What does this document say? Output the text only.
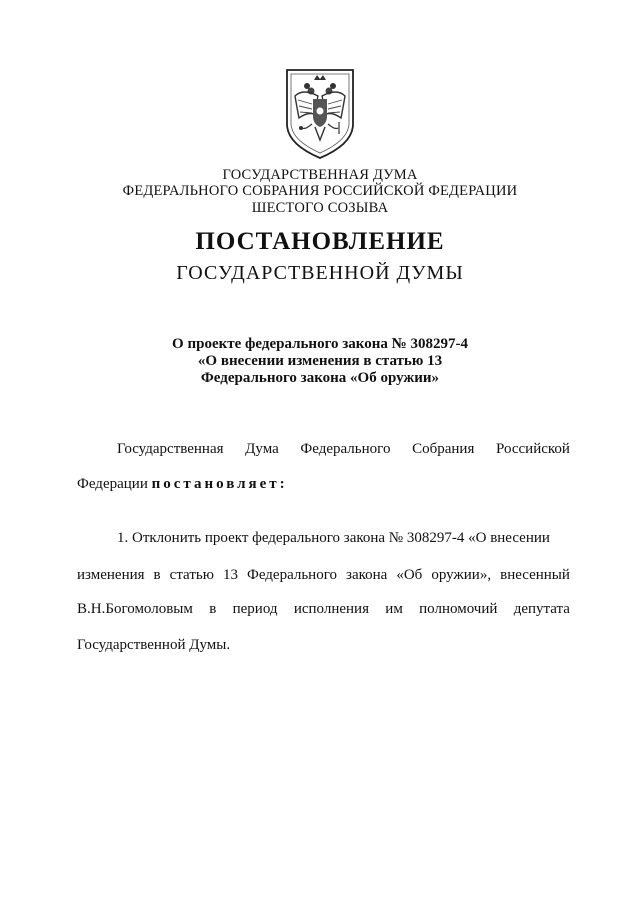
ГОСУДАРСТВЕННАЯ ДУМА
ФЕДЕРАЛЬНОГО СОБРАНИЯ РОССИЙСКОЙ ФЕДЕРАЦИИ
ШЕСТОГО СОЗЫВА
ПОСТАНОВЛЕНИЕ
ГОСУДАРСТВЕННОЙ ДУМЫ
О проекте федерального закона № 308297-4
«О внесении изменения в статью 13
Федерального закона «Об оружии»
Государственная Дума Федерального Собрания Российской
Федерации постановляет:
1. Отклонить проект федерального закона № 308297-4 «О внесении
изменения в статью 13 Федерального закона «Об оружии», внесенный
В.Н.Богомоловым в период исполнения им полномочий депутата
Государственной Думы.
